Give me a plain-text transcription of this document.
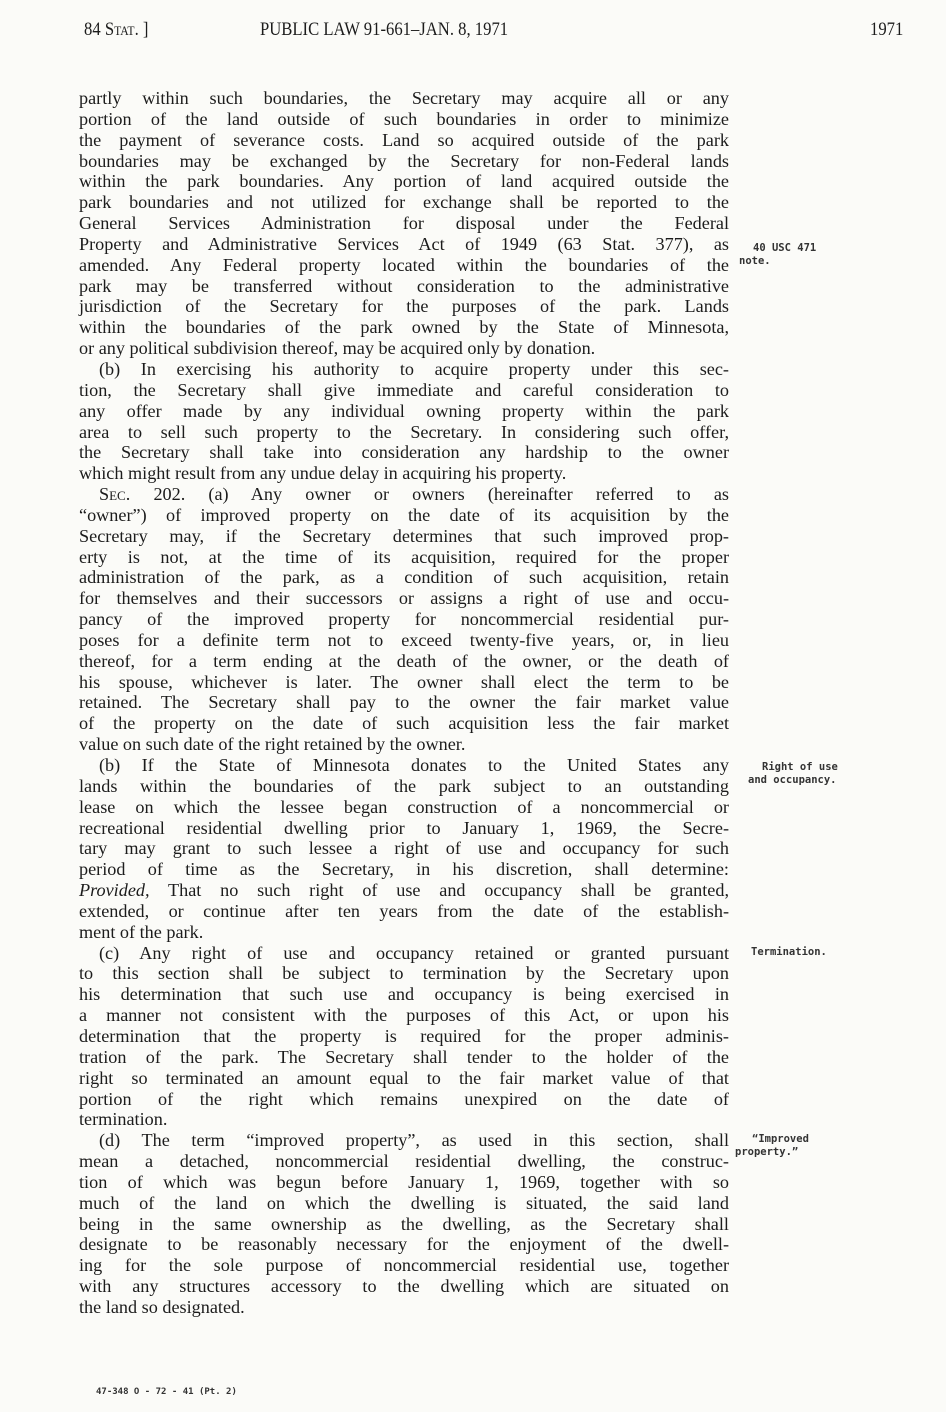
84 Stat. ]	PUBLIC LAW 91-661–JAN. 8, 1971	1971
partly within such boundaries, the Secretary may acquire all or any
portion of the land outside of such boundaries in order to minimize
the payment of severance costs. Land so acquired outside of the park
boundaries may be exchanged by the Secretary for non-Federal lands
within the park boundaries. Any portion of land acquired outside the
park boundaries and not utilized for exchange shall be reported to the
General Services Administration for disposal under the Federal
Property and Administrative Services Act of 1949 (63 Stat. 377), as
amended. Any Federal property located within the boundaries of the
park may be transferred without consideration to the administrative
jurisdiction of the Secretary for the purposes of the park. Lands
within the boundaries of the park owned by the State of Minnesota,
or any political subdivision thereof, may be acquired only by donation.
(b) In exercising his authority to acquire property under this sec-
tion, the Secretary shall give immediate and careful consideration to
any offer made by any individual owning property within the park
area to sell such property to the Secretary. In considering such offer,
the Secretary shall take into consideration any hardship to the owner
which might result from any undue delay in acquiring his property.
Sec. 202. (a) Any owner or owners (hereinafter referred to as
“owner”) of improved property on the date of its acquisition by the
Secretary may, if the Secretary determines that such improved prop-
erty is not, at the time of its acquisition, required for the proper
administration of the park, as a condition of such acquisition, retain
for themselves and their successors or assigns a right of use and occu-
pancy of the improved property for noncommercial residential pur-
poses for a definite term not to exceed twenty-five years, or, in lieu
thereof, for a term ending at the death of the owner, or the death of
his spouse, whichever is later. The owner shall elect the term to be
retained. The Secretary shall pay to the owner the fair market value
of the property on the date of such acquisition less the fair market
value on such date of the right retained by the owner.
(b) If the State of Minnesota donates to the United States any
lands within the boundaries of the park subject to an outstanding
lease on which the lessee began construction of a noncommercial or
recreational residential dwelling prior to January 1, 1969, the Secre-
tary may grant to such lessee a right of use and occupancy for such
period of time as the Secretary, in his discretion, shall determine:
Provided, That no such right of use and occupancy shall be granted,
extended, or continue after ten years from the date of the establish-
ment of the park.
(c) Any right of use and occupancy retained or granted pursuant
to this section shall be subject to termination by the Secretary upon
his determination that such use and occupancy is being exercised in
a manner not consistent with the purposes of this Act, or upon his
determination that the property is required for the proper adminis-
tration of the park. The Secretary shall tender to the holder of the
right so terminated an amount equal to the fair market value of that
portion of the right which remains unexpired on the date of
termination.
(d) The term “improved property”, as used in this section, shall
mean a detached, noncommercial residential dwelling, the construc-
tion of which was begun before January 1, 1969, together with so
much of the land on which the dwelling is situated, the said land
being in the same ownership as the dwelling, as the Secretary shall
designate to be reasonably necessary for the enjoyment of the dwell-
ing for the sole purpose of noncommercial residential use, together
with any structures accessory to the dwelling which are situated on
the land so designated.
40 USC 471
note.
Right of use
and occupancy.
Termination.
“Improved
property.”
47-348 O - 72 - 41 (Pt. 2)
